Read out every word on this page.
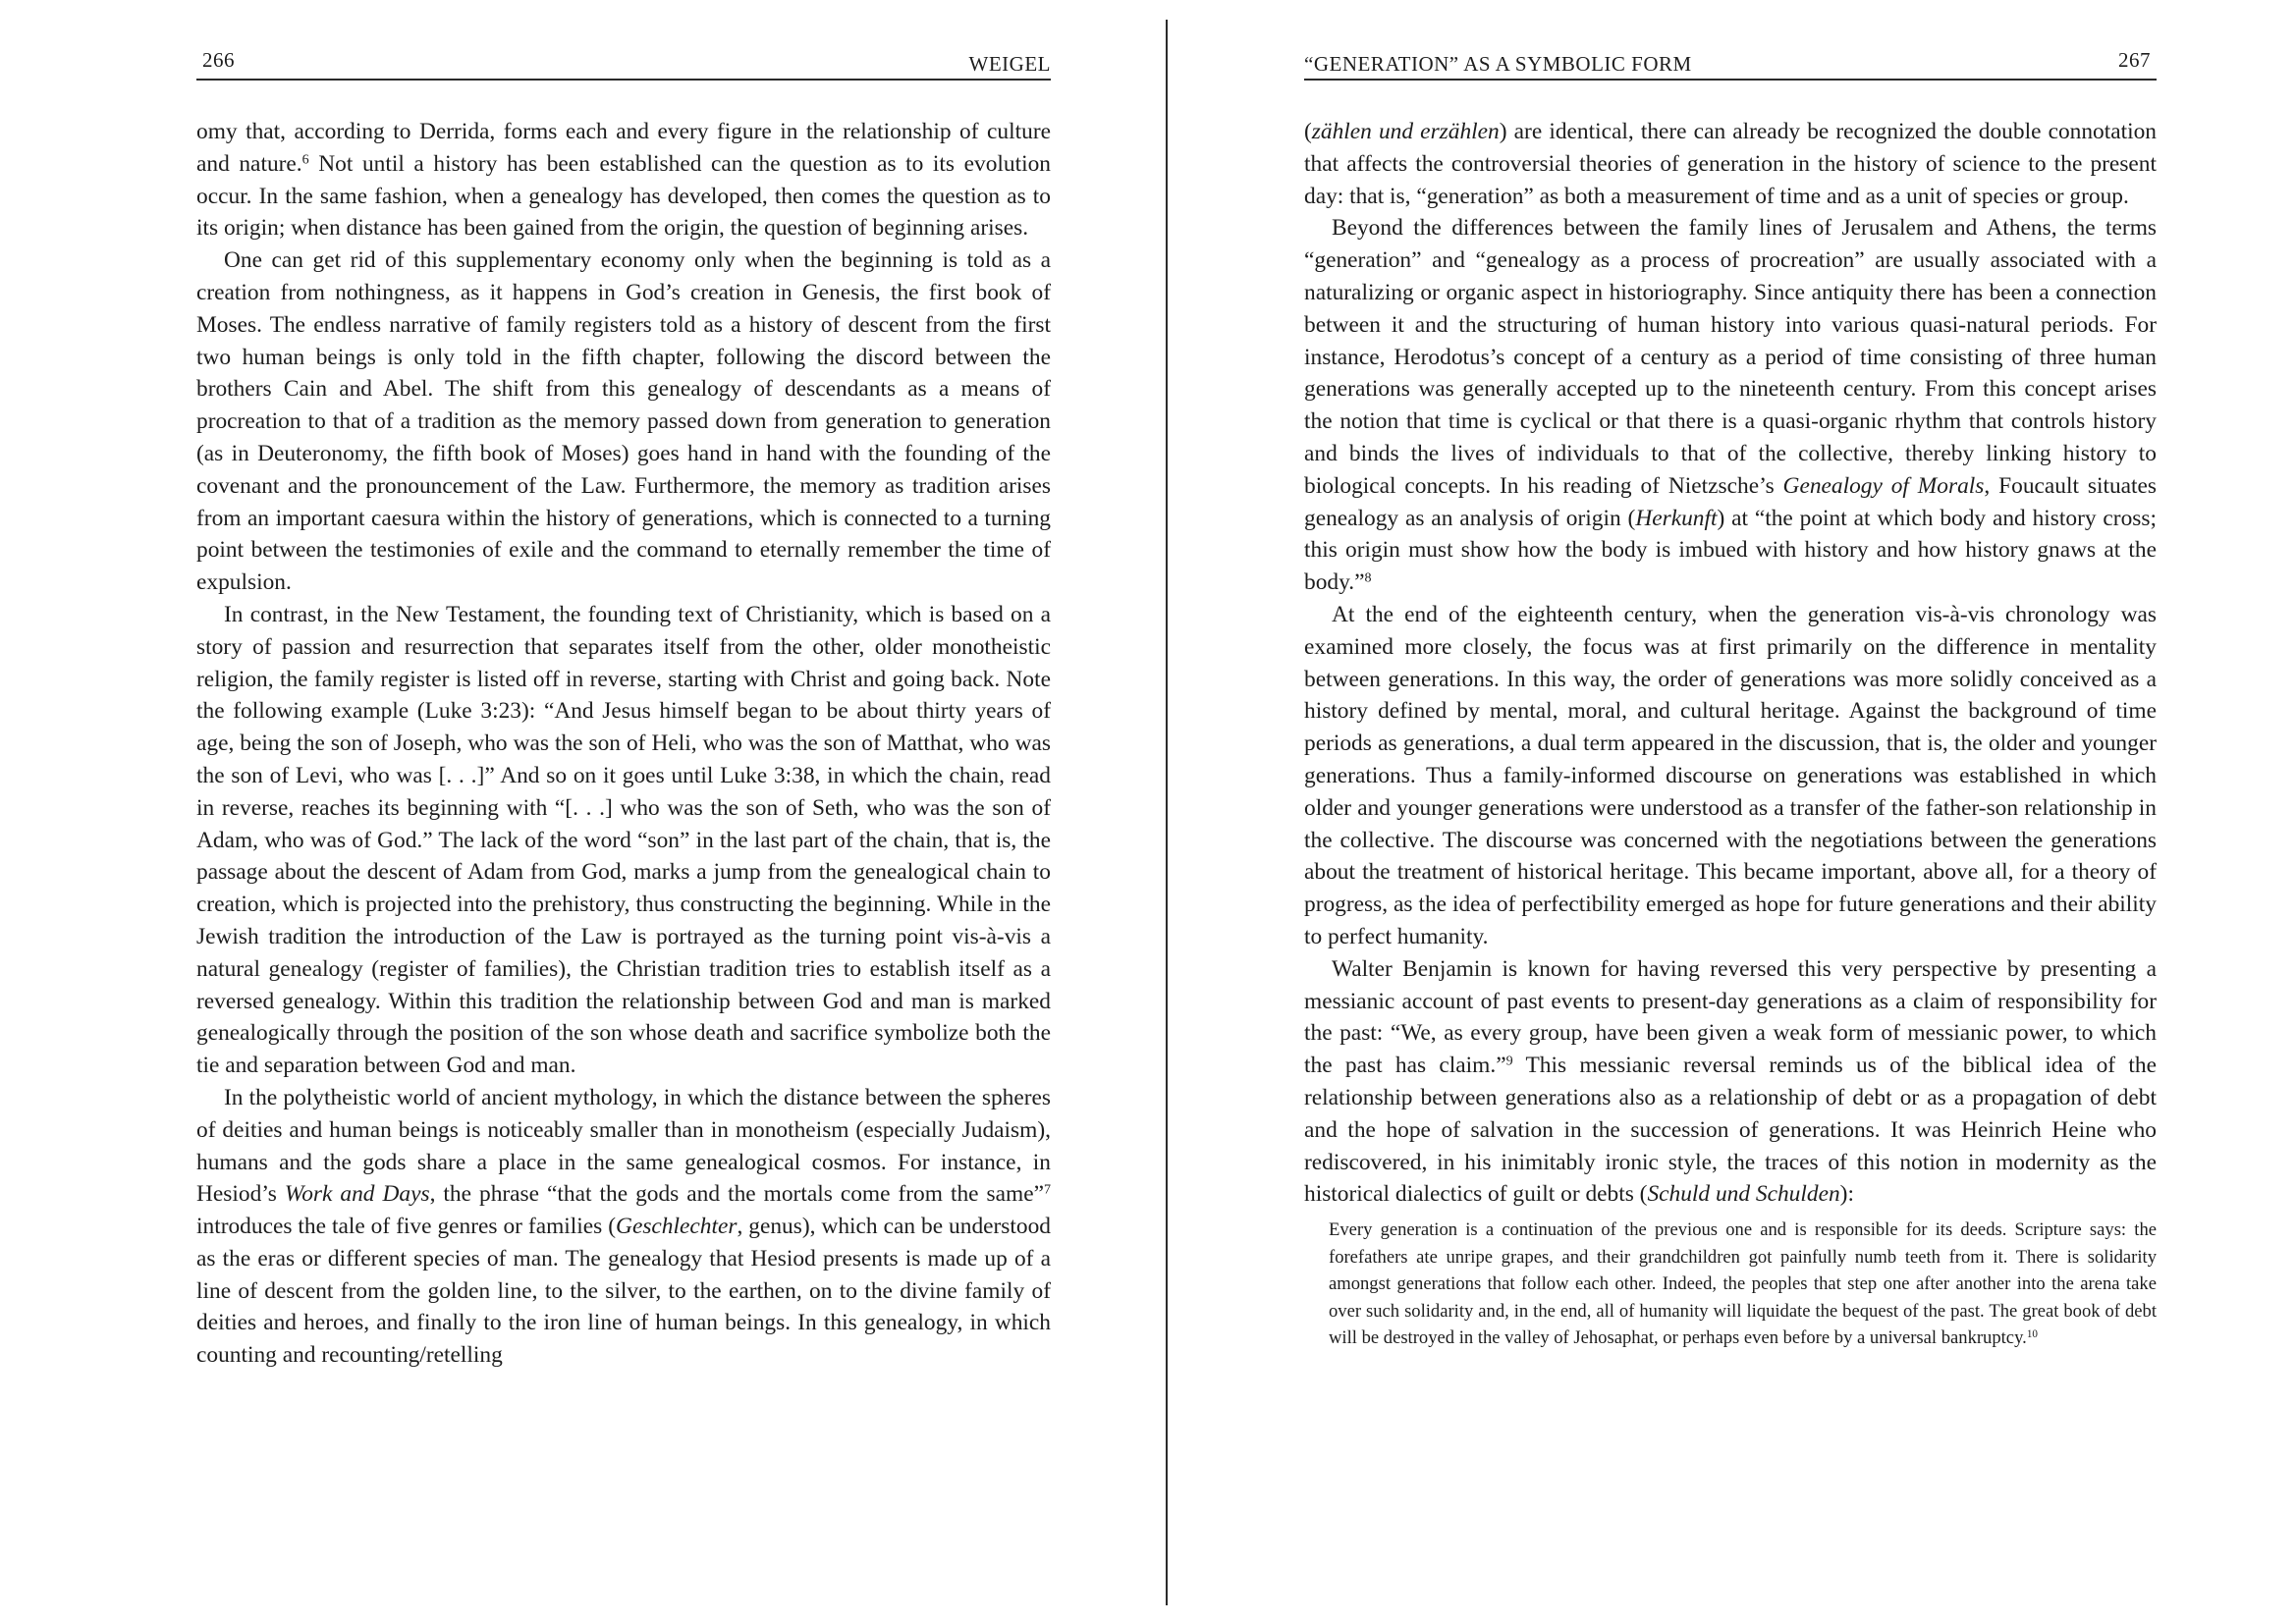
266	WEIGEL

omy that, according to Derrida, forms each and every figure in the relationship of culture and nature.$^6$ Not until a history has been established can the question as to its evolution occur. In the same fashion, when a genealogy has developed, then comes the question as to its origin; when distance has been gained from the origin, the question of beginning arises.

One can get rid of this supplementary economy only when the beginning is told as a creation from nothingness, as it happens in God’s creation in Genesis, the first book of Moses. The endless narrative of family registers told as a history of descent from the first two human beings is only told in the fifth chapter, following the discord between the brothers Cain and Abel. The shift from this genealogy of descendants as a means of procreation to that of a tradition as the memory passed down from generation to generation (as in Deuteronomy, the fifth book of Moses) goes hand in hand with the founding of the covenant and the pronouncement of the Law. Furthermore, the memory as tradition arises from an important caesura within the history of generations, which is connected to a turning point between the testimonies of exile and the command to eternally remember the time of expulsion.

In contrast, in the New Testament, the founding text of Christianity, which is based on a story of passion and resurrection that separates itself from the other, older monotheistic religion, the family register is listed off in reverse, starting with Christ and going back. Note the following example (Luke 3:23): “And Jesus himself began to be about thirty years of age, being the son of Joseph, who was the son of Heli, who was the son of Matthat, who was the son of Levi, who was [. . .]” And so on it goes until Luke 3:38, in which the chain, read in reverse, reaches its beginning with “[. . .] who was the son of Seth, who was the son of Adam, who was of God.” The lack of the word “son” in the last part of the chain, that is, the passage about the descent of Adam from God, marks a jump from the genealogical chain to creation, which is projected into the prehistory, thus constructing the beginning. While in the Jewish tradition the introduction of the Law is portrayed as the turning point vis-à-vis a natural genealogy (register of families), the Christian tradition tries to establish itself as a reversed genealogy. Within this tradition the relationship between God and man is marked genealogically through the position of the son whose death and sacrifice symbolize both the tie and separation between God and man.

In the polytheistic world of ancient mythology, in which the distance between the spheres of deities and human beings is noticeably smaller than in monotheism (especially Judaism), humans and the gods share a place in the same genealogical cosmos. For instance, in Hesiod’s Work and Days, the phrase “that the gods and the mortals come from the same”$^7$ introduces the tale of five genres or families (Geschlechter, genus), which can be understood as the eras or different species of man. The genealogy that Hesiod presents is made up of a line of descent from the golden line, to the silver, to the earthen, on to the divine family of deities and heroes, and finally to the iron line of human beings. In this genealogy, in which counting and recounting/retelling

“GENERATION” AS A SYMBOLIC FORM	267

(zählen und erzählen) are identical, there can already be recognized the double connotation that affects the controversial theories of generation in the history of science to the present day: that is, “generation” as both a measurement of time and as a unit of species or group.

Beyond the differences between the family lines of Jerusalem and Athens, the terms “generation” and “genealogy as a process of procreation” are usually associated with a naturalizing or organic aspect in historiography. Since antiquity there has been a connection between it and the structuring of human history into various quasi-natural periods. For instance, Herodotus’s concept of a century as a period of time consisting of three human generations was generally accepted up to the nineteenth century. From this concept arises the notion that time is cyclical or that there is a quasi-organic rhythm that controls history and binds the lives of individuals to that of the collective, thereby linking history to biological concepts. In his reading of Nietzsche’s Genealogy of Morals, Foucault situates genealogy as an analysis of origin (Herkunft) at “the point at which body and history cross; this origin must show how the body is imbued with history and how history gnaws at the body.”$^8$

At the end of the eighteenth century, when the generation vis-à-vis chronology was examined more closely, the focus was at first primarily on the difference in mentality between generations. In this way, the order of generations was more solidly conceived as a history defined by mental, moral, and cultural heritage. Against the background of time periods as generations, a dual term appeared in the discussion, that is, the older and younger generations. Thus a family-informed discourse on generations was established in which older and younger generations were understood as a transfer of the father-son relationship in the collective. The discourse was concerned with the negotiations between the generations about the treatment of historical heritage. This became important, above all, for a theory of progress, as the idea of perfectibility emerged as hope for future generations and their ability to perfect humanity.

Walter Benjamin is known for having reversed this very perspective by presenting a messianic account of past events to present-day generations as a claim of responsibility for the past: “We, as every group, have been given a weak form of messianic power, to which the past has claim.”$^9$ This messianic reversal reminds us of the biblical idea of the relationship between generations also as a relationship of debt or as a propagation of debt and the hope of salvation in the succession of generations. It was Heinrich Heine who rediscovered, in his inimitably ironic style, the traces of this notion in modernity as the historical dialectics of guilt or debts (Schuld und Schulden):

Every generation is a continuation of the previous one and is responsible for its deeds. Scripture says: the forefathers ate unripe grapes, and their grandchildren got painfully numb teeth from it. There is solidarity amongst generations that follow each other. Indeed, the peoples that step one after another into the arena take over such solidarity and, in the end, all of humanity will liquidate the bequest of the past. The great book of debt will be destroyed in the valley of Jehosaphat, or perhaps even before by a universal bankruptcy.$^{10}$
